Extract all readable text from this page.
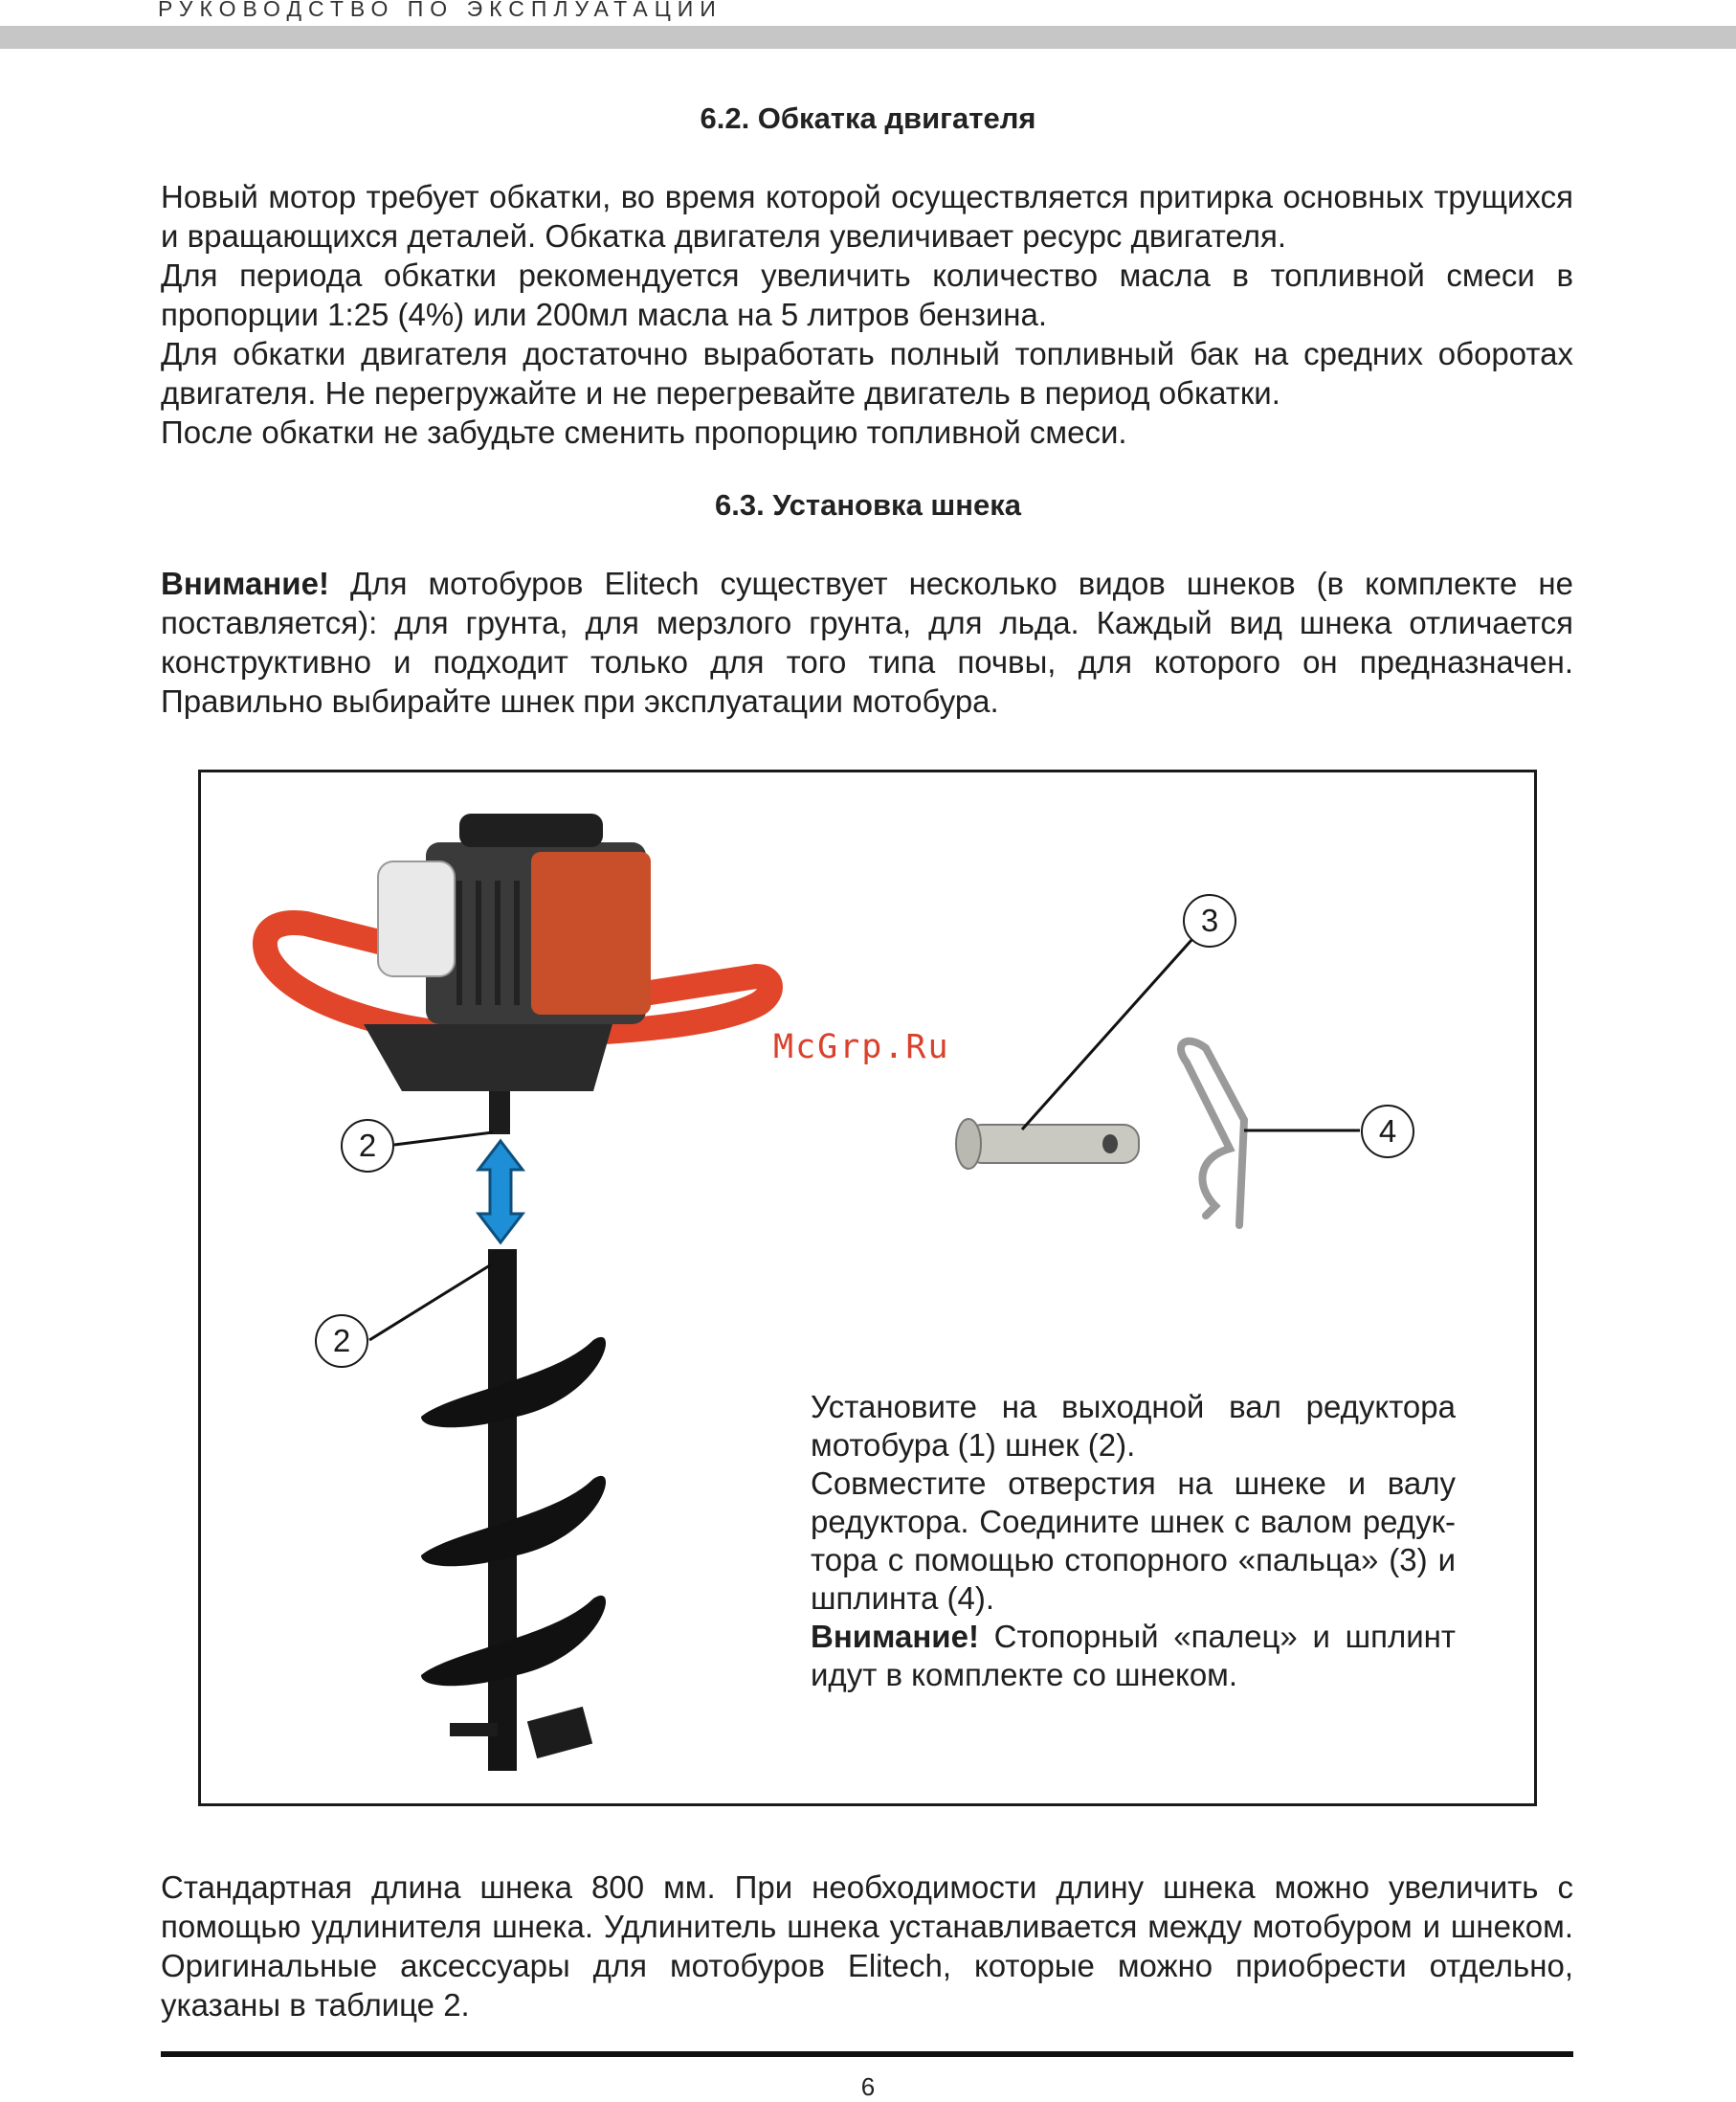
РУКОВОДСТВО ПО ЭКСПЛУАТАЦИИ
6.2. Обкатка двигателя

Новый мотор требует обкатки, во время которой осуществляется притирка основных трущихся и вращающихся деталей. Обкатка двигателя увеличивает ресурс двигателя.

Для периода обкатки рекомендуется увеличить количество масла в топливной смеси в пропорции 1:25 (4%) или 200мл масла на 5 литров бензина.

Для обкатки двигателя достаточно выработать полный топливный бак на средних оборотах двигателя. Не перегружайте и не перегревайте двигатель в период обкатки.

После обкатки не забудьте сменить пропорцию топливной смеси.

6.3. Установка шнека

Внимание! Для мотобуров Elitech существует несколько видов шнеков (в комплекте не поставляется): для грунта, для мерзлого грунта, для льда. Каждый вид шнека отличается конструктивно и подходит только для того типа почвы, для которого он предназначен. Правильно выбирайте шнек при эксплуатации мотобура.

2
2
3
4
McGrp.Ru

Установите на выходной вал редуктора мотобура (1) шнек (2).

Совместите отверстия на шнеке и валу редуктора. Соедините шнек с валом редук-тора с помощью стопорного «пальца» (3) и шплинта (4).

Внимание! Стопорный «палец» и шплинт идут в комплекте со шнеком.

Стандартная длина шнека 800 мм. При необходимости длину шнека можно увеличить с помощью удлинителя шнека. Удлинитель шнека устанавливается между мотобуром и шнеком. Оригинальные аксессуары для мотобуров Elitech, которые можно приобрести отдельно, указаны в таблице 2.

6
